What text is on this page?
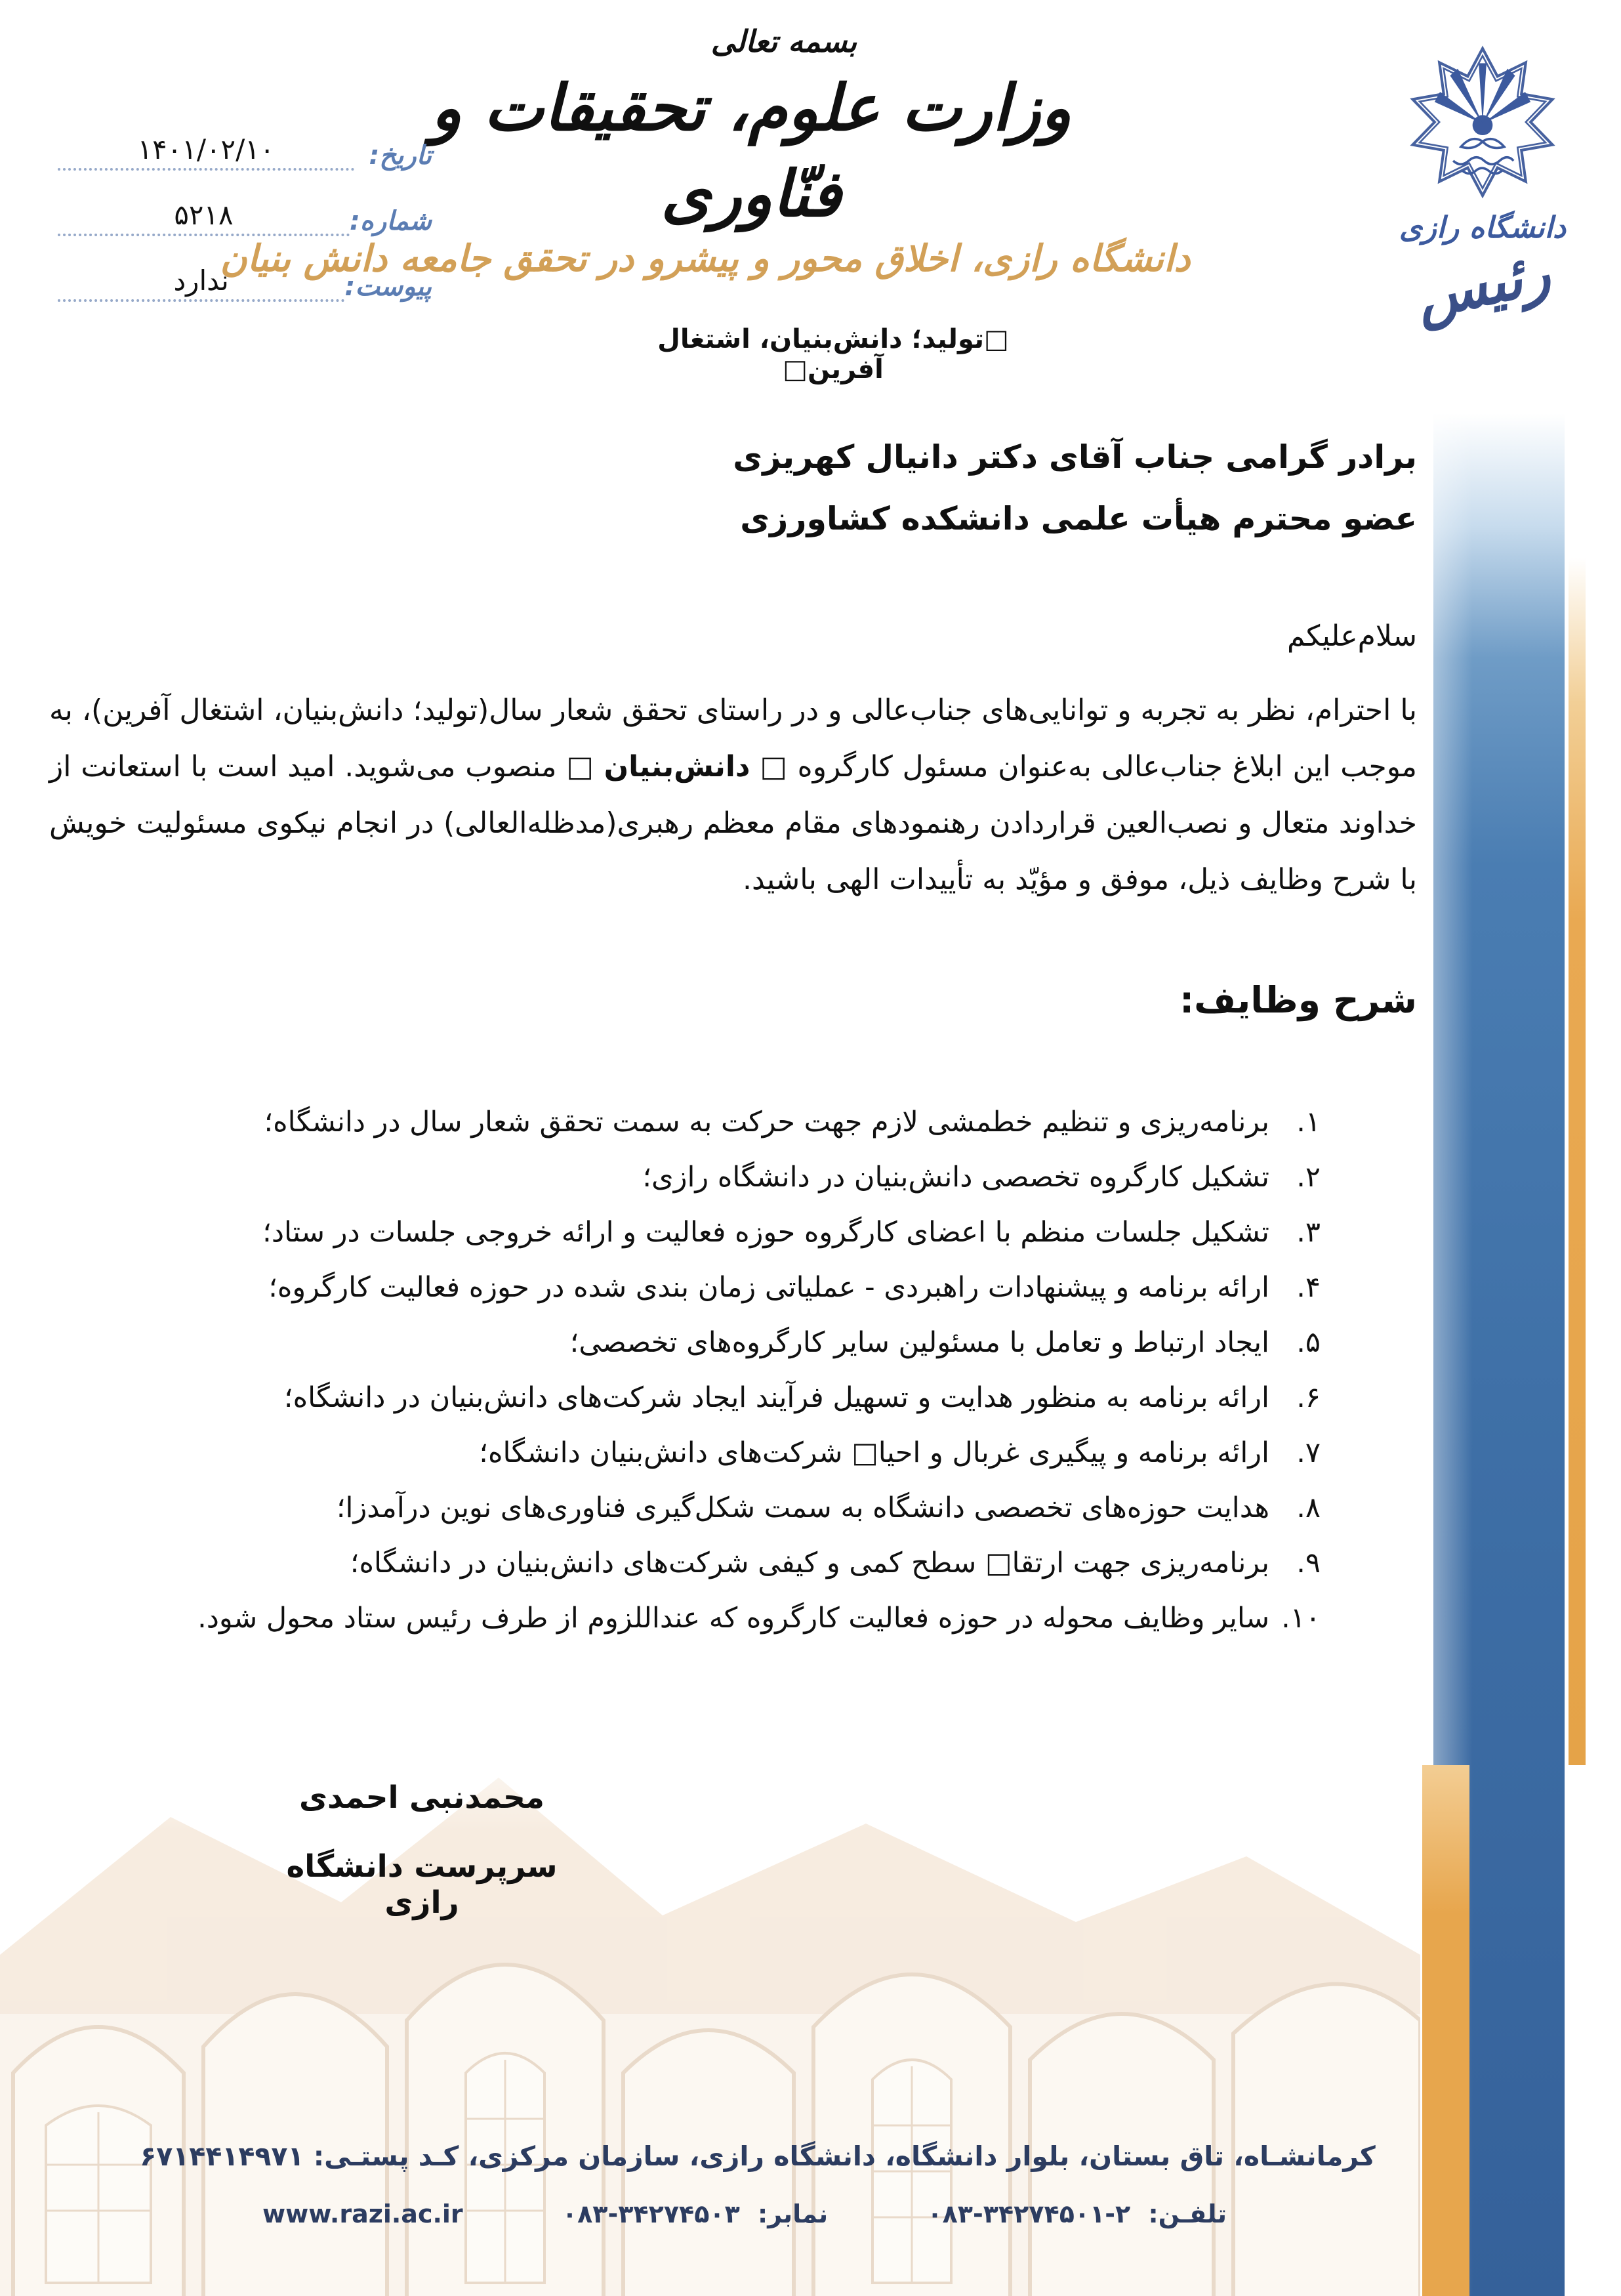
بسمه تعالی
وزارت علوم، تحقیقات و فنّاوری
دانشگاه رازی، اخلاق محور و پیشرو در تحقق جامعه دانش بنیان
□تولید؛ دانش‌بنیان، اشتغال آفرین□
دانشگاه رازی
رئیس
تاریخ:
۱۴۰۱/۰۲/۱۰
شماره:
۵۲۱۸
پیوست:
ندارد
برادر گرامی جناب آقای دکتر دانیال کهریزی
عضو محترم هیأت علمی دانشکده کشاورزی
سلام‌علیکم
با احترام، نظر به تجربه و توانایی‌های جناب‌عالی و در راستای تحقق شعار سال(تولید؛ دانش‌بنیان، اشتغال آفرین)، به موجب این ابلاغ جناب‌عالی به‌عنوان مسئول کارگروه □ دانش‌بنیان □ منصوب می‌شوید. امید است با استعانت از خداوند متعال و نصب‌العین قراردادن رهنمودهای مقام معظم رهبری(مدظله‌العالی) در انجام نیکوی مسئولیت خویش با شرح وظایف ذیل، موفق و مؤیّد به تأییدات الهی باشید.
شرح وظایف:
۱.
برنامه‌ریزی و تنظیم خطمشی لازم جهت حرکت به سمت تحقق شعار سال در دانشگاه؛
۲.
تشکیل کارگروه تخصصی دانش‌بنیان در دانشگاه رازی؛
۳.
تشکیل جلسات منظم با اعضای کارگروه حوزه فعالیت و ارائه خروجی جلسات در ستاد؛
۴.
ارائه برنامه و پیشنهادات راهبردی - عملیاتی زمان بندی شده در حوزه فعالیت کارگروه؛
۵.
ایجاد ارتباط و تعامل با مسئولین سایر کارگروه‌های تخصصی؛
۶.
ارائه برنامه به منظور هدایت و تسهیل فرآیند ایجاد شرکت‌های دانش‌بنیان در دانشگاه؛
۷.
ارائه برنامه و پیگیری غربال و احیا□ شرکت‌های دانش‌بنیان دانشگاه؛
۸.
هدایت حوزه‌های تخصصی دانشگاه به سمت شکل‌گیری فناوری‌های نوین درآمدزا؛
۹.
برنامه‌ریزی جهت ارتقا□ سطح کمی و کیفی شرکت‌های دانش‌بنیان در دانشگاه؛
۱۰.
سایر وظایف محوله در حوزه فعالیت کارگروه که عنداللزوم از طرف رئیس ستاد محول شود.
محمدنبی احمدی
سرپرست دانشگاه رازی
کرمانشـاه، تاق بستان، بلوار دانشگاه، دانشگاه رازی، سازمان مرکزی، کـد پستـی: ۶۷۱۴۴۱۴۹۷۱
تلفـن: ۰۸۳-۳۴۲۷۴۵۰۱-۲
نمابر: ۰۸۳-۳۴۲۷۴۵۰۳
www.razi.ac.ir
